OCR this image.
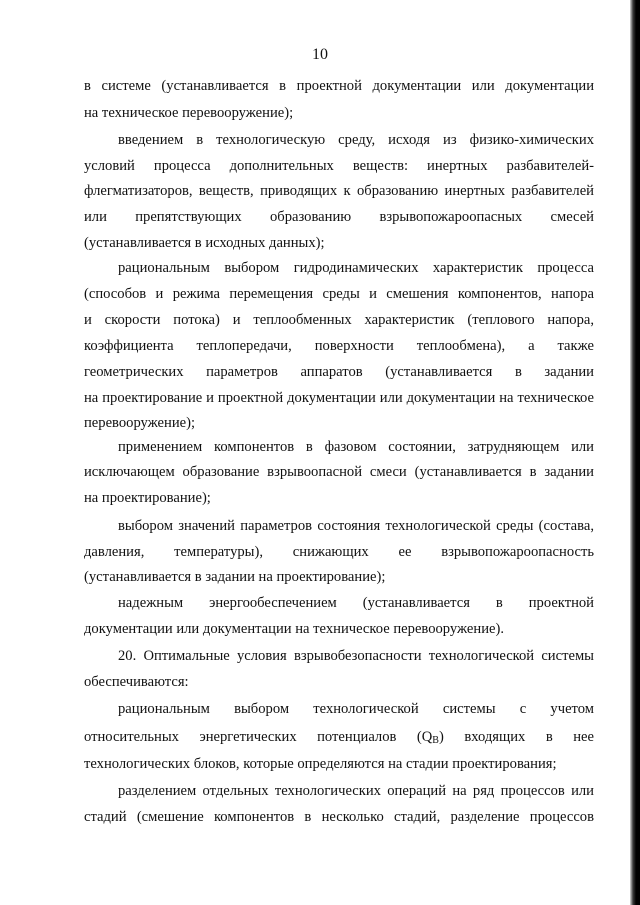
10
в системе (устанавливается в проектной документации или документации
на техническое перевооружение);
введением в технологическую среду, исходя из физико-химических
условий процесса дополнительных веществ: инертных разбавителей-
флегматизаторов, веществ, приводящих к образованию инертных разбавителей
или препятствующих образованию взрывопожароопасных смесей
(устанавливается в исходных данных);
рациональным выбором гидродинамических характеристик процесса
(способов и режима перемещения среды и смешения компонентов, напора
и скорости потока) и теплообменных характеристик (теплового напора,
коэффициента теплопередачи, поверхности теплообмена), а также
геометрических параметров аппаратов (устанавливается в задании
на проектирование и проектной документации или документации на техническое
перевооружение);
применением компонентов в фазовом состоянии, затрудняющем или
исключающем образование взрывоопасной смеси (устанавливается в задании
на проектирование);
выбором значений параметров состояния технологической среды (состава,
давления, температуры), снижающих ее взрывопожароопасность
(устанавливается в задании на проектирование);
надежным энергообеспечением (устанавливается в проектной
документации или документации на техническое перевооружение).
20. Оптимальные условия взрывобезопасности технологической системы
обеспечиваются:
рациональным выбором технологической системы с учетом
относительных энергетических потенциалов $(Q_В)$ входящих в нее
технологических блоков, которые определяются на стадии проектирования;
разделением отдельных технологических операций на ряд процессов или
стадий (смешение компонентов в несколько стадий, разделение процессов
